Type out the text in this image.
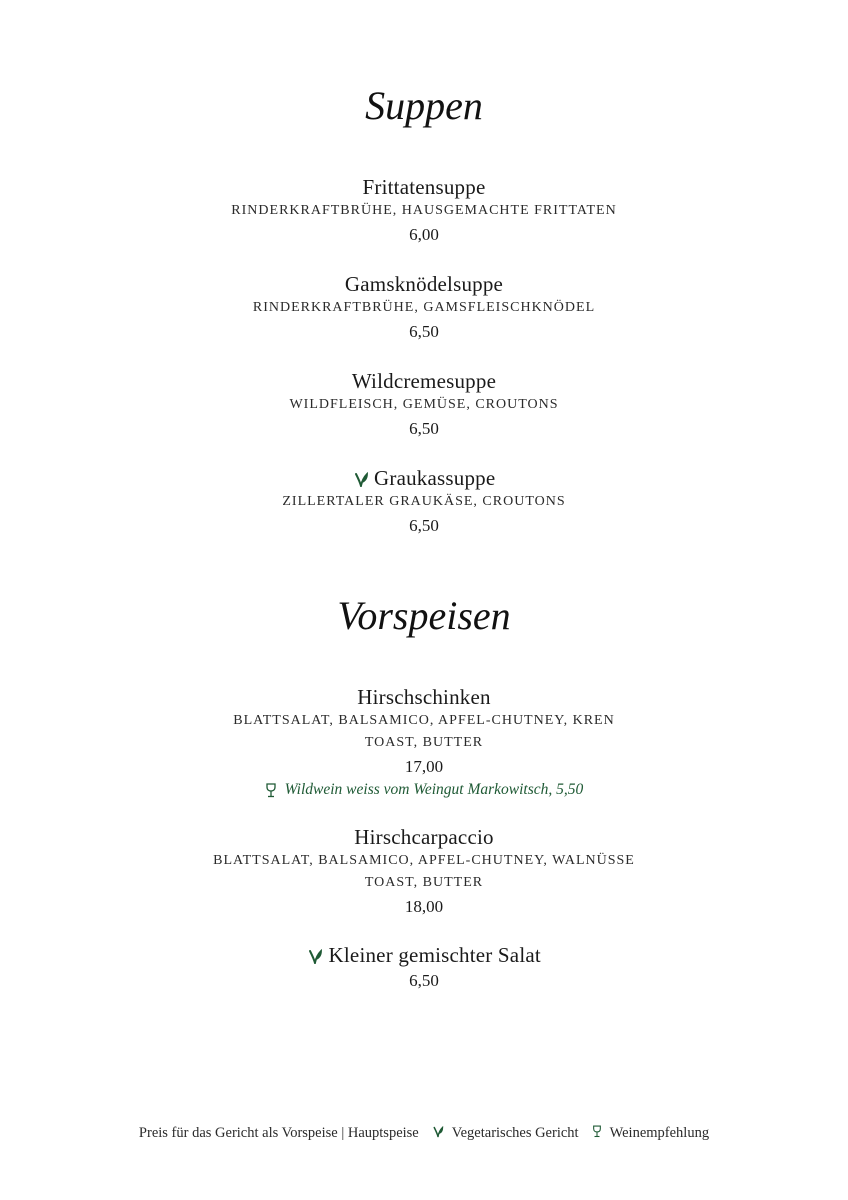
Suppen
Frittatensuppe
RINDERKRAFTBRÜHE, HAUSGEMACHTE FRITTATEN
6,00
Gamsknödelsuppe
RINDERKRAFTBRÜHE, GAMSFLEISCHKNÖDEL
6,50
Wildcremesuppe
WILDFLEISCH, GEMÜSE, CROUTONS
6,50
Graukassuppe
ZILLERTALER GRAUKÄSE, CROUTONS
6,50
Vorspeisen
Hirschschinken
BLATTSALAT, BALSAMICO, APFEL-CHUTNEY, KREN
TOAST, BUTTER
17,00
Wildwein weiss vom Weingut Markowitsch, 5,50
Hirschcarpaccio
BLATTSALAT, BALSAMICO, APFEL-CHUTNEY, WALNÜSSE
TOAST, BUTTER
18,00
Kleiner gemischter Salat
6,50
Preis für das Gericht als Vorspeise | Hauptspeise Vegetarisches Gericht Weinempfehlung
